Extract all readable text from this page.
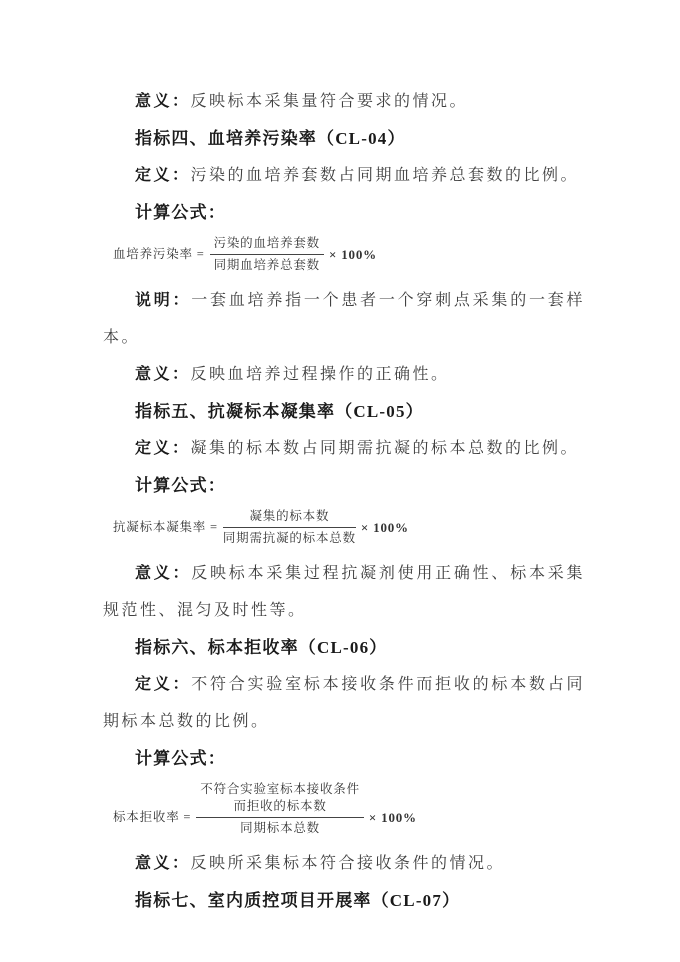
意义：反映标本采集量符合要求的情况。

指标四、血培养污染率（CL-04）

定义：污染的血培养套数占同期血培养总套数的比例。

计算公式：
血培养污染率 = $\frac{\text{污染的血培养套数}}{\text{同期血培养总套数}} \times 100\%$

说明：一套血培养指一个患者一个穿刺点采集的一套样本。

意义：反映血培养过程操作的正确性。

指标五、抗凝标本凝集率（CL-05）

定义：凝集的标本数占同期需抗凝的标本总数的比例。

计算公式：
抗凝标本凝集率 = $\frac{\text{凝集的标本数}}{\text{同期需抗凝的标本总数}} \times 100\%$

意义：反映标本采集过程抗凝剂使用正确性、标本采集规范性、混匀及时性等。

指标六、标本拒收率（CL-06）

定义：不符合实验室标本接收条件而拒收的标本数占同期标本总数的比例。

计算公式：
标本拒收率 = 不符合实验室标本接收条件
而拒收的标本数
同期标本总数 × 100%

意义：反映所采集标本符合接收条件的情况。

指标七、室内质控项目开展率（CL-07）
